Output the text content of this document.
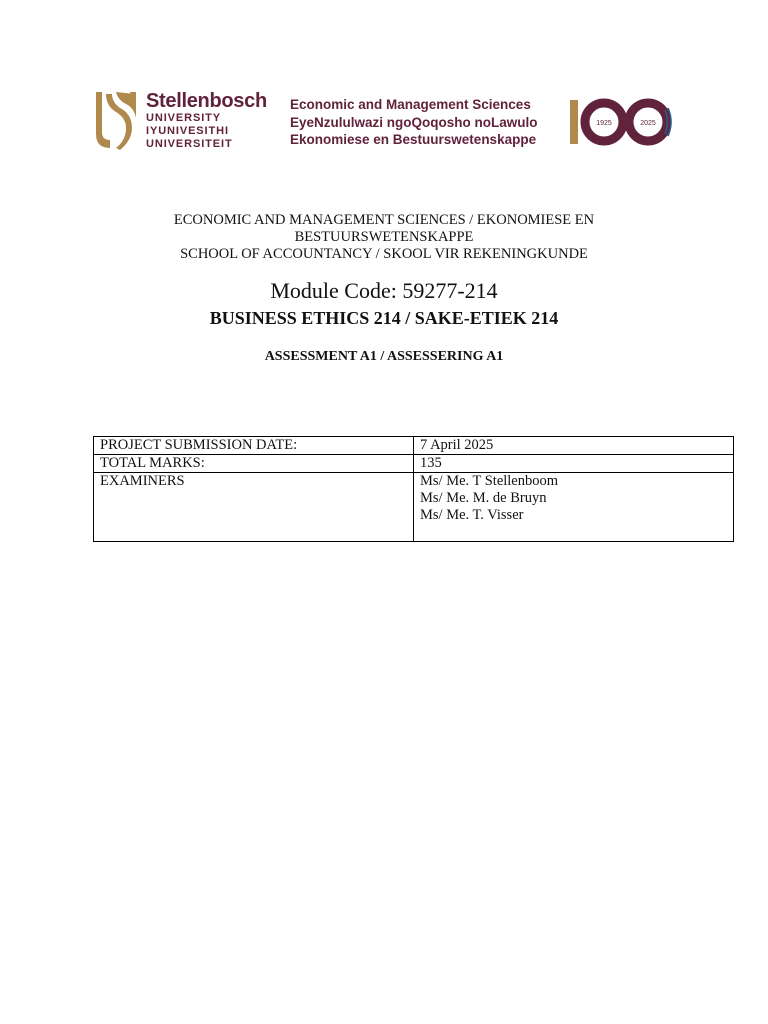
Stellenbosch
UNIVERSITY
IYUNIVESITHI
UNIVERSITEIT
Economic and Management Sciences
EyeNzululwazi ngoQoqosho noLawulo
Ekonomiese en Bestuurswetenskappe
1925	2025
ECONOMIC AND MANAGEMENT SCIENCES / EKONOMIESE EN
BESTUURSWETENSKAPPE
SCHOOL OF ACCOUNTANCY / SKOOL VIR REKENINGKUNDE
Module Code: 59277-214
BUSINESS ETHICS 214 / SAKE-ETIEK 214
ASSESSMENT A1 / ASSESSERING A1
PROJECT SUBMISSION DATE:	7 April 2025
TOTAL MARKS:	135
EXAMINERS	Ms/ Me. T Stellenboom
Ms/ Me. M. de Bruyn
Ms/ Me. T. Visser
